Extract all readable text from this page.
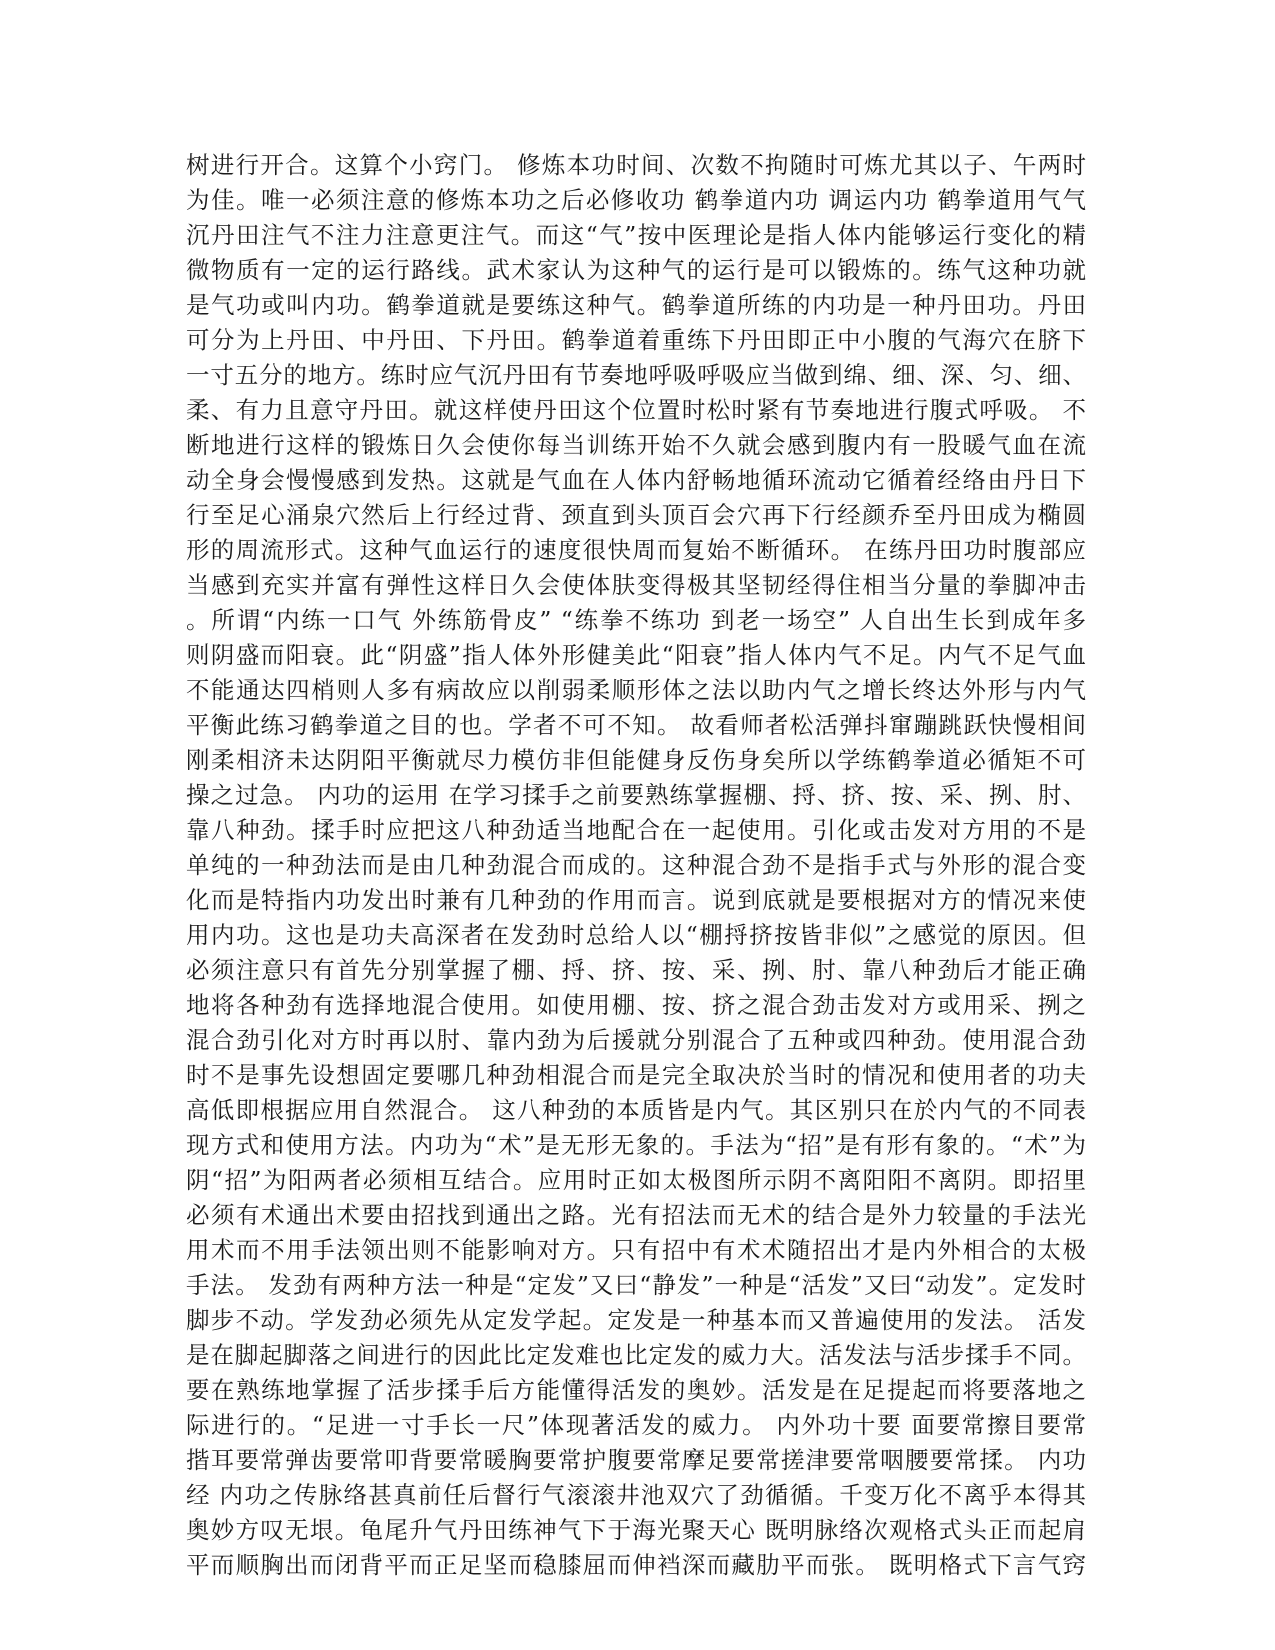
树进行开合。这算个小窍门。 修炼本功时间、次数不拘随时可炼尤其以子、午两时
为佳。唯一必须注意的修炼本功之后必修收功 鹤拳道内功 调运内功 鹤拳道用气气
沉丹田注气不注力注意更注气。而这“气”按中医理论是指人体内能够运行变化的精
微物质有一定的运行路线。武术家认为这种气的运行是可以锻炼的。练气这种功就
是气功或叫内功。鹤拳道就是要练这种气。鹤拳道所练的内功是一种丹田功。丹田
可分为上丹田、中丹田、下丹田。鹤拳道着重练下丹田即正中小腹的气海穴在脐下
一寸五分的地方。练时应气沉丹田有节奏地呼吸呼吸应当做到绵、细、深、匀、细、
柔、有力且意守丹田。就这样使丹田这个位置时松时紧有节奏地进行腹式呼吸。 不
断地进行这样的锻炼日久会使你每当训练开始不久就会感到腹内有一股暖气血在流
动全身会慢慢感到发热。这就是气血在人体内舒畅地循环流动它循着经络由丹日下
行至足心涌泉穴然后上行经过背、颈直到头顶百会穴再下行经颜乔至丹田成为椭圆
形的周流形式。这种气血运行的速度很快周而复始不断循环。 在练丹田功时腹部应
当感到充实并富有弹性这样日久会使体肤变得极其坚韧经得住相当分量的拳脚冲击
。所谓“内练一口气 外练筋骨皮” “练拳不练功 到老一场空” 人自出生长到成年多
则阴盛而阳衰。此“阴盛”指人体外形健美此“阳衰”指人体内气不足。内气不足气血
不能通达四梢则人多有病故应以削弱柔顺形体之法以助内气之增长终达外形与内气
平衡此练习鹤拳道之目的也。学者不可不知。 故看师者松活弹抖窜蹦跳跃快慢相间
刚柔相济未达阴阳平衡就尽力模仿非但能健身反伤身矣所以学练鹤拳道必循矩不可
操之过急。 内功的运用 在学习揉手之前要熟练掌握棚、捋、挤、按、采、挒、肘、
靠八种劲。揉手时应把这八种劲适当地配合在一起使用。引化或击发对方用的不是
单纯的一种劲法而是由几种劲混合而成的。这种混合劲不是指手式与外形的混合变
化而是特指内功发出时兼有几种劲的作用而言。说到底就是要根据对方的情况来使
用内功。这也是功夫高深者在发劲时总给人以“棚捋挤按皆非似”之感觉的原因。但
必须注意只有首先分别掌握了棚、捋、挤、按、采、挒、肘、靠八种劲后才能正确
地将各种劲有选择地混合使用。如使用棚、按、挤之混合劲击发对方或用采、挒之
混合劲引化对方时再以肘、靠内劲为后援就分别混合了五种或四种劲。使用混合劲
时不是事先设想固定要哪几种劲相混合而是完全取决於当时的情况和使用者的功夫
高低即根据应用自然混合。 这八种劲的本质皆是内气。其区别只在於内气的不同表
现方式和使用方法。内功为“术”是无形无象的。手法为“招”是有形有象的。“术”为
阴“招”为阳两者必须相互结合。应用时正如太极图所示阴不离阳阳不离阴。即招里
必须有术通出术要由招找到通出之路。光有招法而无术的结合是外力较量的手法光
用术而不用手法领出则不能影响对方。只有招中有术术随招出才是内外相合的太极
手法。 发劲有两种方法一种是“定发”又曰“静发”一种是“活发”又曰“动发”。定发时
脚步不动。学发劲必须先从定发学起。定发是一种基本而又普遍使用的发法。 活发
是在脚起脚落之间进行的因此比定发难也比定发的威力大。活发法与活步揉手不同。
要在熟练地掌握了活步揉手后方能懂得活发的奥妙。活发是在足提起而将要落地之
际进行的。“足进一寸手长一尺”体现著活发的威力。 内外功十要 面要常擦目要常
揩耳要常弹齿要常叩背要常暖胸要常护腹要常摩足要常搓津要常咽腰要常揉。 内功
经 内功之传脉络甚真前任后督行气滚滚井池双穴了劲循循。千变万化不离乎本得其
奥妙方叹无垠。龟尾升气丹田练神气下于海光聚天心 既明脉络次观格式头正而起肩
平而顺胸出而闭背平而正足坚而稳膝屈而伸裆深而藏肋平而张。 既明格式下言气窍
